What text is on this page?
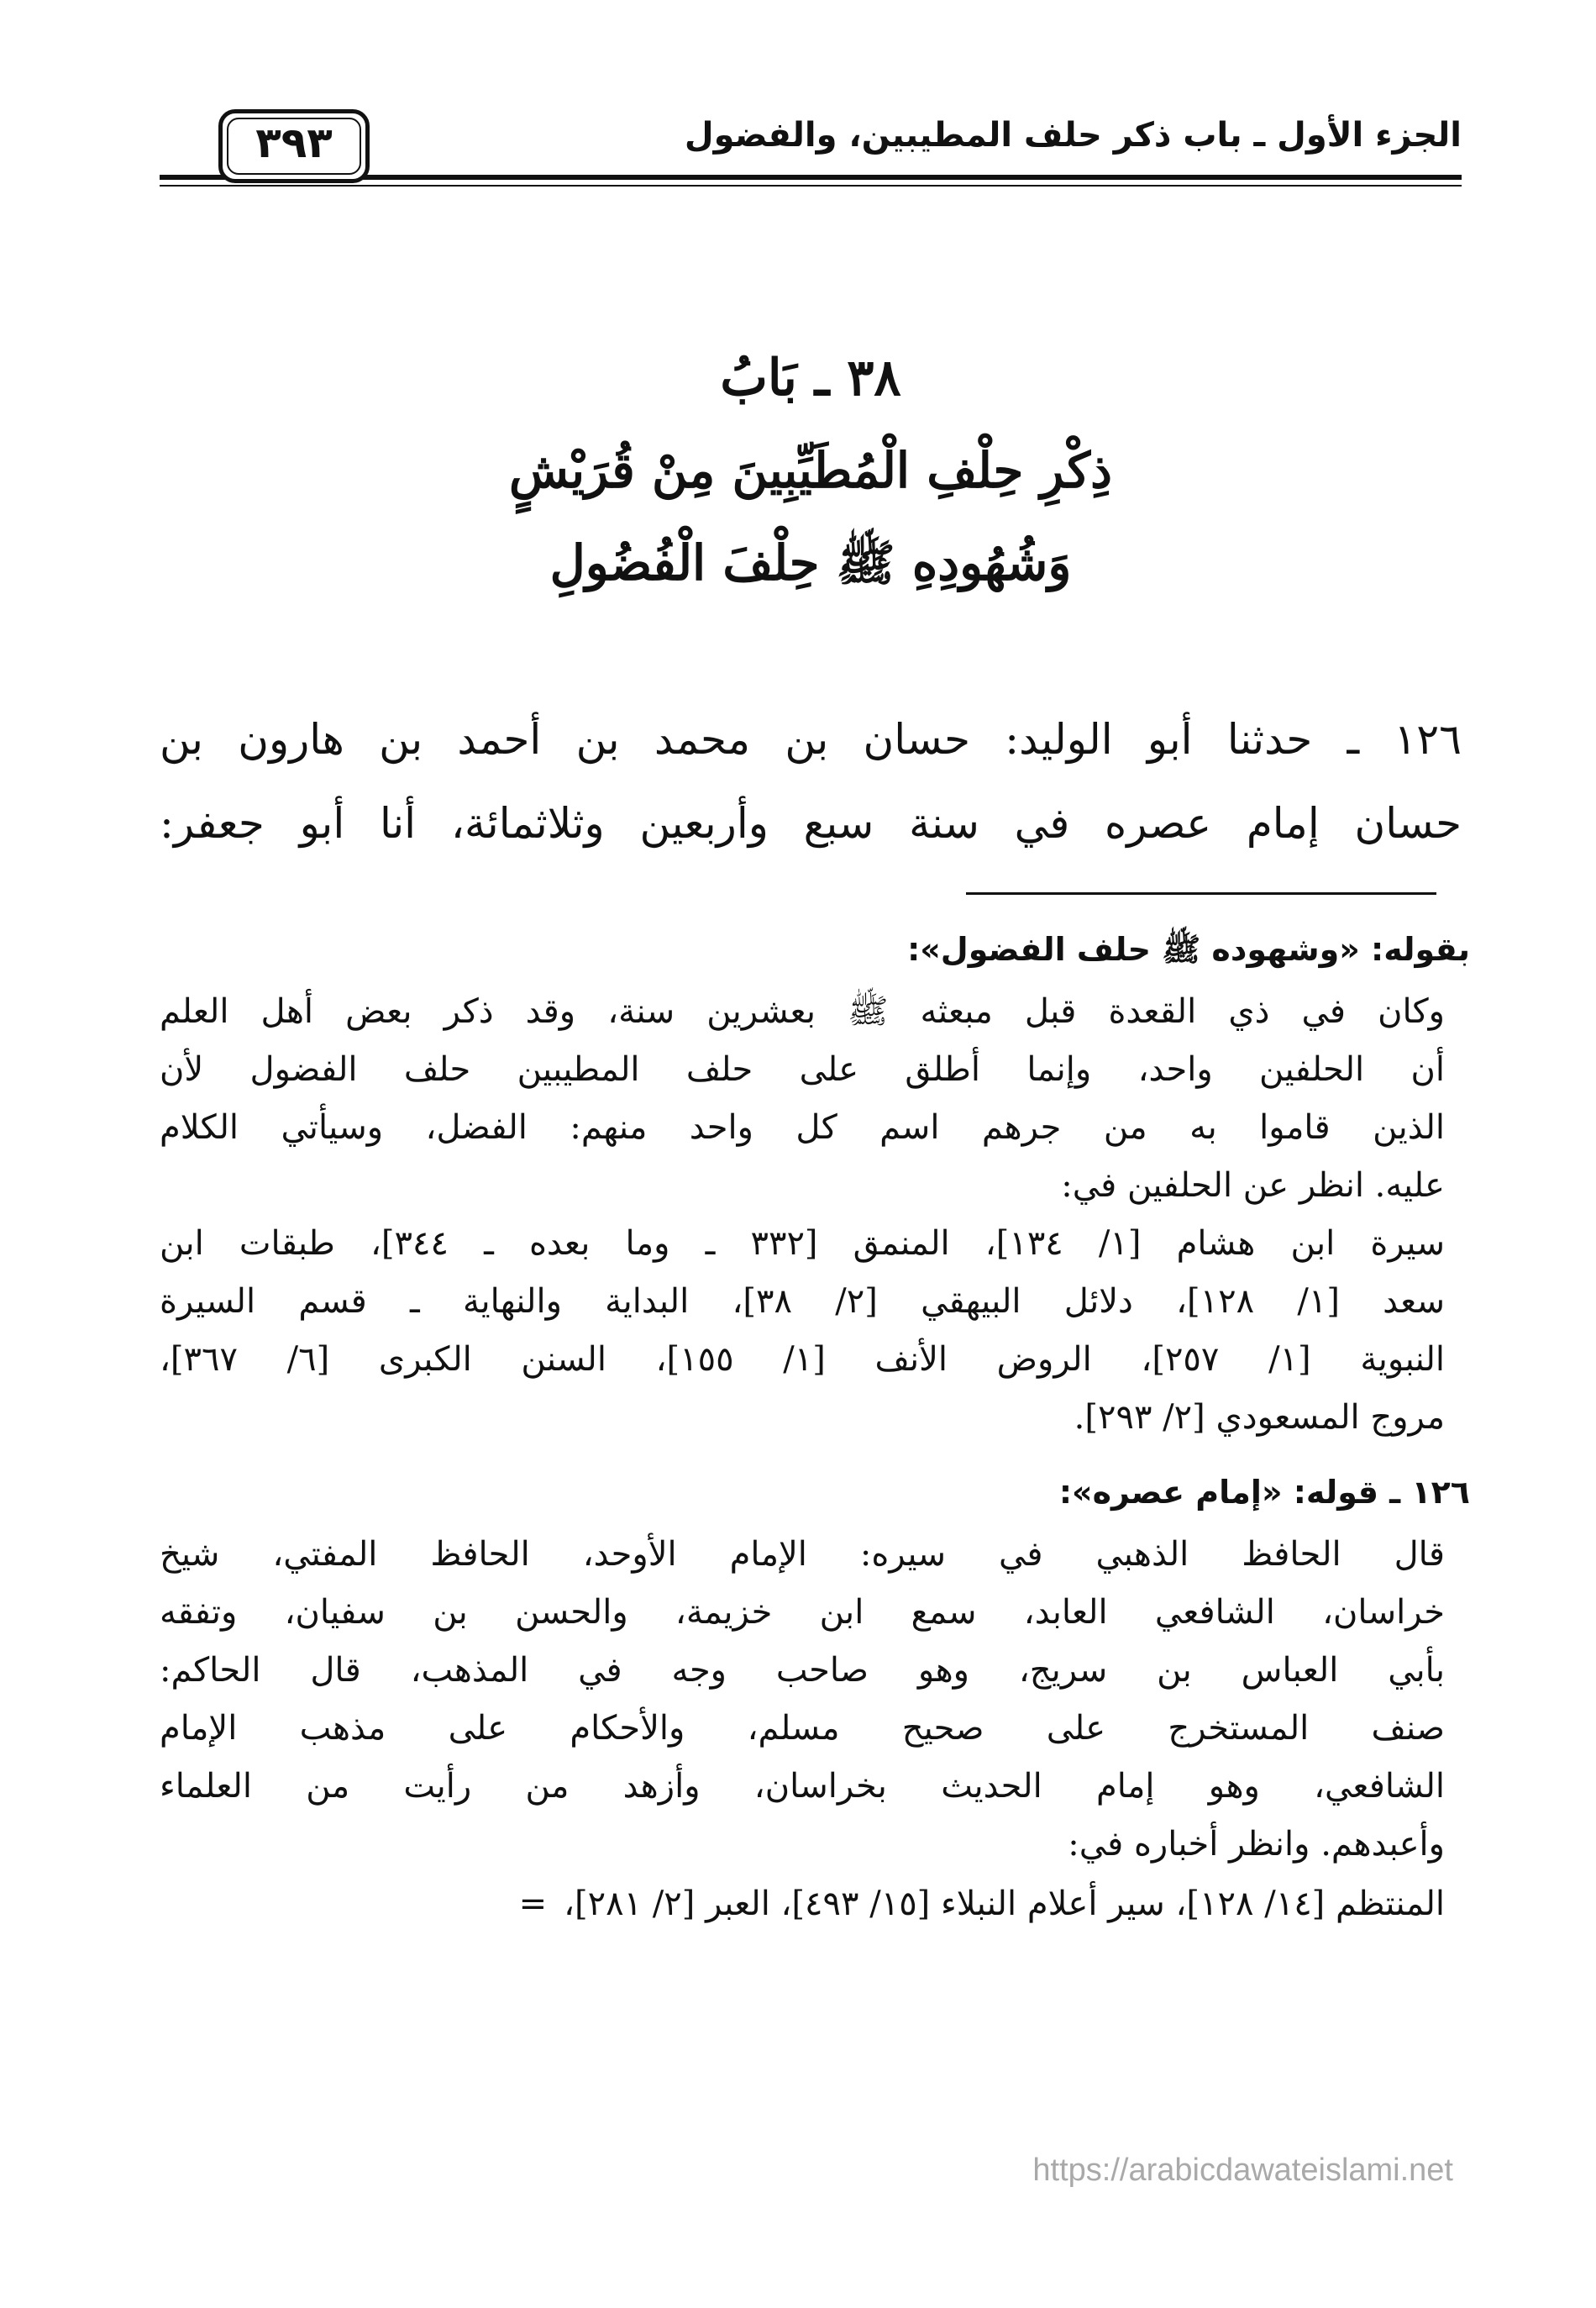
الجزء الأول ـ باب ذكر حلف المطيبين، والفضول
٣٩٣
٣٨ ـ بَابُ
ذِكْرِ حِلْفِ الْمُطَيِّبِينَ مِنْ قُرَيْشٍ
وَشُهُودِهِ ﷺ حِلْفَ الْفُضُولِ
١٢٦ ـ حدثنا أبو الوليد: حسان بن محمد بن أحمد بن هارون بن
حسان إمام عصره في سنة سبع وأربعين وثلاثمائة، أنا أبو جعفر:
بقوله: «وشهوده ﷺ حلف الفضول»:
وكان في ذي القعدة قبل مبعثه ﷺ بعشرين سنة، وقد ذكر بعض أهل العلم
أن الحلفين واحد، وإنما أطلق على حلف المطيبين حلف الفضول لأن
الذين قاموا به من جرهم اسم كل واحد منهم: الفضل، وسيأتي الكلام
عليه. انظر عن الحلفين في:
سيرة ابن هشام [١/ ١٣٤]، المنمق [٣٣٢ ـ وما بعده ـ ٣٤٤]، طبقات ابن
سعد [١/ ١٢٨]، دلائل البيهقي [٢/ ٣٨]، البداية والنهاية ـ قسم السيرة
النبوية [١/ ٢٥٧]، الروض الأنف [١/ ١٥٥]، السنن الكبرى [٦/ ٣٦٧]،
مروج المسعودي [٢/ ٢٩٣].
١٢٦ ـ قوله: «إمام عصره»:
قال الحافظ الذهبي في سيره: الإمام الأوحد، الحافظ المفتي، شيخ
خراسان، الشافعي العابد، سمع ابن خزيمة، والحسن بن سفيان، وتفقه
بأبي العباس بن سريج، وهو صاحب وجه في المذهب، قال الحاكم:
صنف المستخرج على صحيح مسلم، والأحكام على مذهب الإمام
الشافعي، وهو إمام الحديث بخراسان، وأزهد من رأيت من العلماء
وأعبدهم. وانظر أخباره في:
المنتظم [١٤/ ١٢٨]، سير أعلام النبلاء [١٥/ ٤٩٣]، العبر [٢/ ٢٨١]،=
https://arabicdawateislami.net
